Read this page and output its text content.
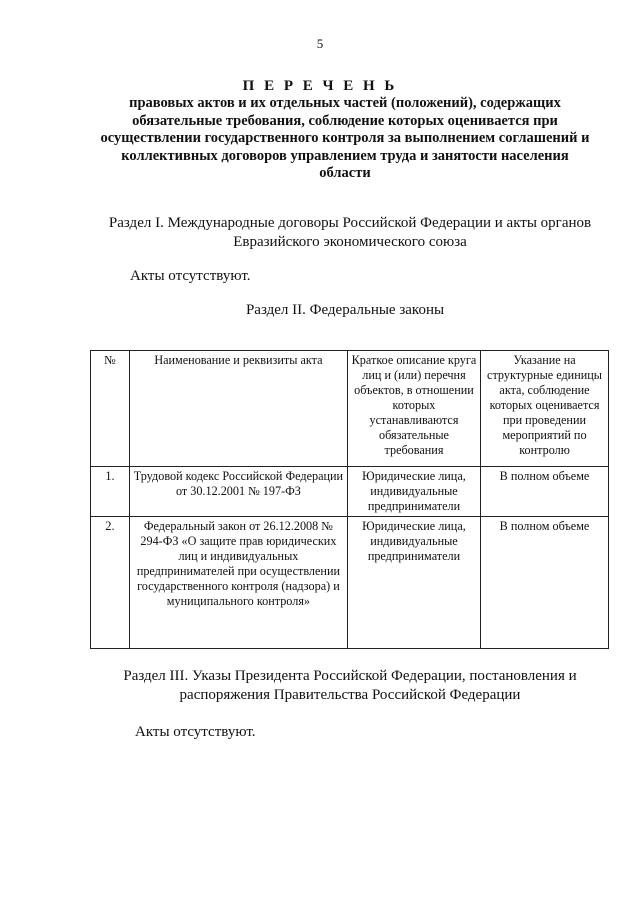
5
П Е Р Е Ч Е Н Ь
правовых актов и их отдельных частей (положений), содержащих обязательные требования, соблюдение которых оценивается при осуществлении государственного контроля за выполнением соглашений и коллективных договоров управлением труда и занятости населения области
Раздел I. Международные договоры Российской Федерации и акты органов Евразийского экономического союза
Акты отсутствуют.
Раздел II. Федеральные законы
№	Наименование и реквизиты акта	Краткое описание круга лиц и (или) перечня объектов, в отношении которых устанавливаются обязательные требования	Указание на структурные единицы акта, соблюдение которых оценивается при проведении мероприятий по контролю
1.	Трудовой кодекс Российской Федерации от 30.12.2001 № 197-ФЗ	Юридические лица, индивидуальные предприниматели	В полном объеме
2.	Федеральный закон от 26.12.2008 № 294-ФЗ «О защите прав юридических лиц и индивидуальных предпринимателей при осуществлении государственного контроля (надзора) и муниципального контроля»	Юридические лица, индивидуальные предприниматели	В полном объеме
Раздел III. Указы Президента Российской Федерации, постановления и распоряжения Правительства Российской Федерации
Акты отсутствуют.
